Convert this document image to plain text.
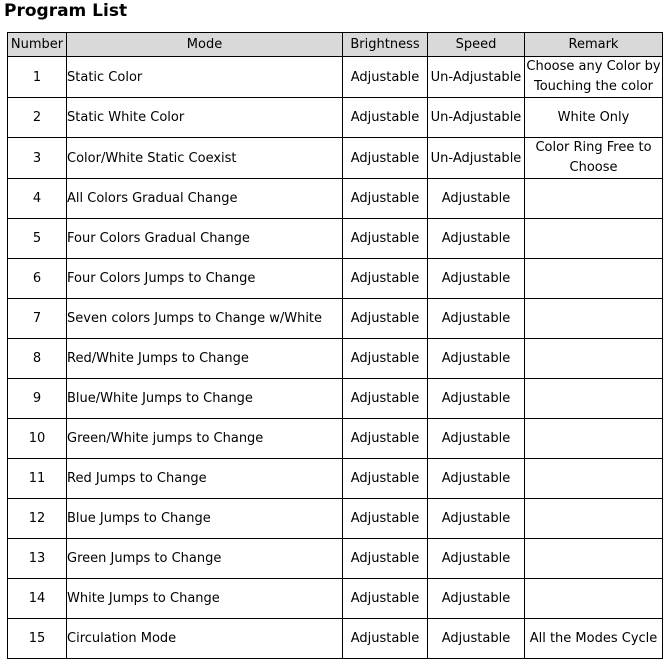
Program List
Number	Mode	Brightness	Speed	Remark
1	Static Color	Adjustable	Un-Adjustable	Choose any Color by Touching the color
2	Static White Color	Adjustable	Un-Adjustable	White Only
3	Color/White Static Coexist	Adjustable	Un-Adjustable	Color Ring Free to Choose
4	All Colors Gradual Change	Adjustable	Adjustable	
5	Four Colors Gradual Change	Adjustable	Adjustable	
6	Four Colors Jumps to Change	Adjustable	Adjustable	
7	Seven colors Jumps to Change w/White	Adjustable	Adjustable	
8	Red/White Jumps to Change	Adjustable	Adjustable	
9	Blue/White Jumps to Change	Adjustable	Adjustable	
10	Green/White jumps to Change	Adjustable	Adjustable	
11	Red Jumps to Change	Adjustable	Adjustable	
12	Blue Jumps to Change	Adjustable	Adjustable	
13	Green Jumps to Change	Adjustable	Adjustable	
14	White Jumps to Change	Adjustable	Adjustable	
15	Circulation Mode	Adjustable	Adjustable	All the Modes Cycle
